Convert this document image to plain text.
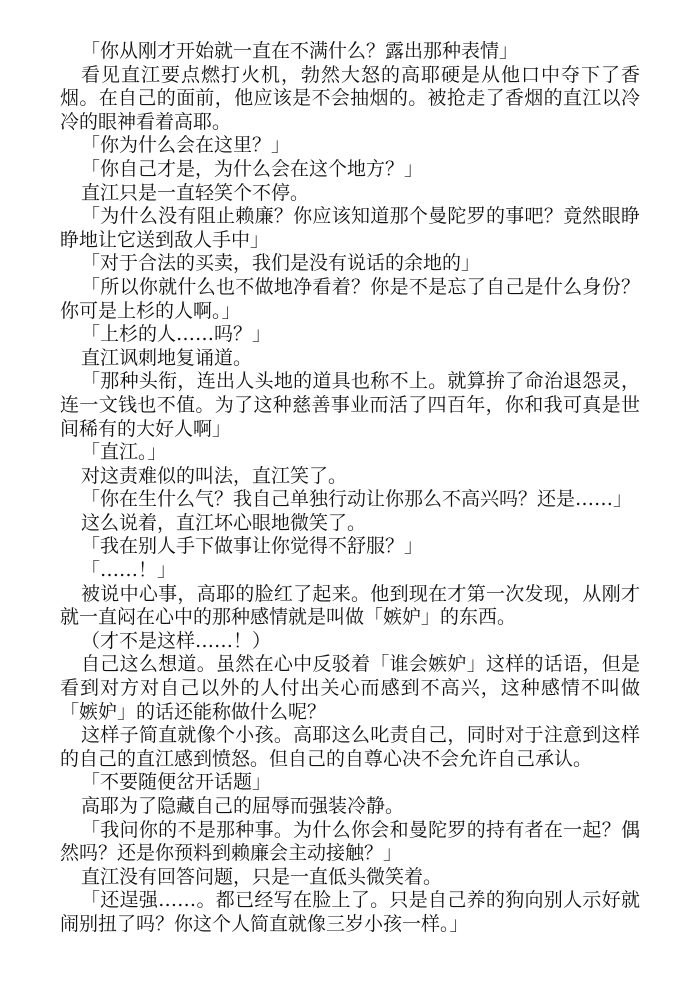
「你从刚才开始就一直在不满什么？露出那种表情」

看见直江要点燃打火机，勃然大怒的高耶硬是从他口中夺下了香烟。在自己的面前，他应该是不会抽烟的。被抢走了香烟的直江以冷冷的眼神看着高耶。

「你为什么会在这里？」

「你自己才是，为什么会在这个地方？」

直江只是一直轻笑个不停。

「为什么没有阻止赖廉？你应该知道那个曼陀罗的事吧？竟然眼睁睁地让它送到敌人手中」

「对于合法的买卖，我们是没有说话的余地的」

「所以你就什么也不做地净看着？你是不是忘了自己是什么身份？你可是上杉的人啊。」

「上杉的人……吗？」

直江讽刺地复诵道。

「那种头衔，连出人头地的道具也称不上。就算拚了命治退怨灵，连一文钱也不值。为了这种慈善事业而活了四百年，你和我可真是世间稀有的大好人啊」

「直江。」

对这责难似的叫法，直江笑了。

「你在生什么气？我自己单独行动让你那么不高兴吗？还是……」

这么说着，直江坏心眼地微笑了。

「我在别人手下做事让你觉得不舒服？」

「……！」

被说中心事，高耶的脸红了起来。他到现在才第一次发现，从刚才就一直闷在心中的那种感情就是叫做「嫉妒」的东西。

（才不是这样……！）

自己这么想道。虽然在心中反驳着「谁会嫉妒」这样的话语，但是看到对方对自己以外的人付出关心而感到不高兴，这种感情不叫做「嫉妒」的话还能称做什么呢？

这样子简直就像个小孩。高耶这么叱责自己，同时对于注意到这样的自己的直江感到愤怒。但自己的自尊心决不会允许自己承认。

「不要随便岔开话题」

高耶为了隐藏自己的屈辱而强装冷静。

「我问你的不是那种事。为什么你会和曼陀罗的持有者在一起？偶然吗？还是你预料到赖廉会主动接触？」

直江没有回答问题，只是一直低头微笑着。

「还逞强……。都已经写在脸上了。只是自己养的狗向别人示好就闹别扭了吗？你这个人简直就像三岁小孩一样。」
